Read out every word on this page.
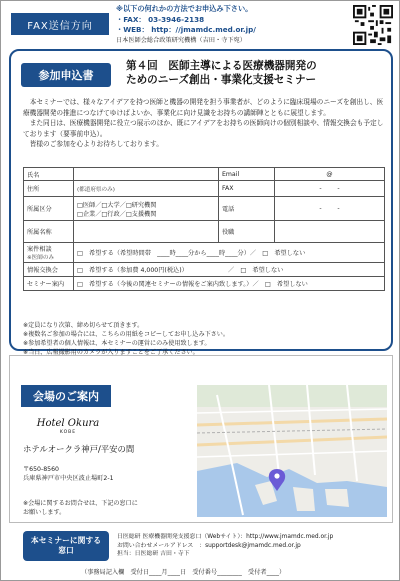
FAX送信方向
※以下の何れかの方法でお申込み下さい。
・FAX： 03-3946-2138
・WEB： http：//jmamdc.med.or.jp/
日本医師会総合政策研究機構（吉田・寺下宛）
参加申込書
第４回　医師主導による医療機器開発の
ためのニーズ創出・事業化支援セミナー

本セミナーでは、様々なアイデアを持つ医師と機器の開発を担う事業者が、どのように臨床現場のニーズを創出し、医療機器開発の推進につなげてゆけばよいか、事業化に向け見識をお持ちの講師陣とともに展望します。

また同日は、医療機器開発に役立つ展示のほか、既にアイデアをお持ちの医師向けの個別相談や、情報交換会も予定しております（要事前申込）。

皆様のご参加を心よりお待ちしております。

氏名		Email	@
住所	(都道府県のみ)	FAX	- -
所属区分	□医師／□大学／□研究機関
□企業／□行政／□支援機関	電話	- -
所属名称		役職	

案件相談
※医師のみ	□　希望する（希望時間帯　____時____分から____時____分）／　□　希望しない		
情報交換会	□　希望する（参加費 4,000円(税込)）　　　　　　　／　□　希望しない		
セミナー案内	□　希望する（今後の関連セミナーの情報をご案内致します。）／　□　希望しない		
※定員になり次第、締め切らせて頂きます。
※複数名ご参加の場合には、こちらの用紙をコピーしてお申し込み下さい。
※参加希望者の個人情報は、本セミナーの運営にのみ使用致します。
※当日、広報撮影用のカメラが入りますことをご了承ください。
会場のご案内
Hotel Okura
KOBE
ホテルオークラ神戸/平安の間
〒650-8560
兵庫県神戸市中央区波止場町2-1
※会場に関するお問合せは、下記の窓口に
お願いします。
本セミナーに関する
窓口
日医総研 医療機器開発支援窓口（Webサイト）：http://www.jmamdc.med.or.jp
お問い合わせメールアドレス　：supportdesk@jmamdc.med.or.jp
担当：日医総研 吉田・寺下
（事務局記入欄　受付日____月____日　受付番号________　受付者____）
